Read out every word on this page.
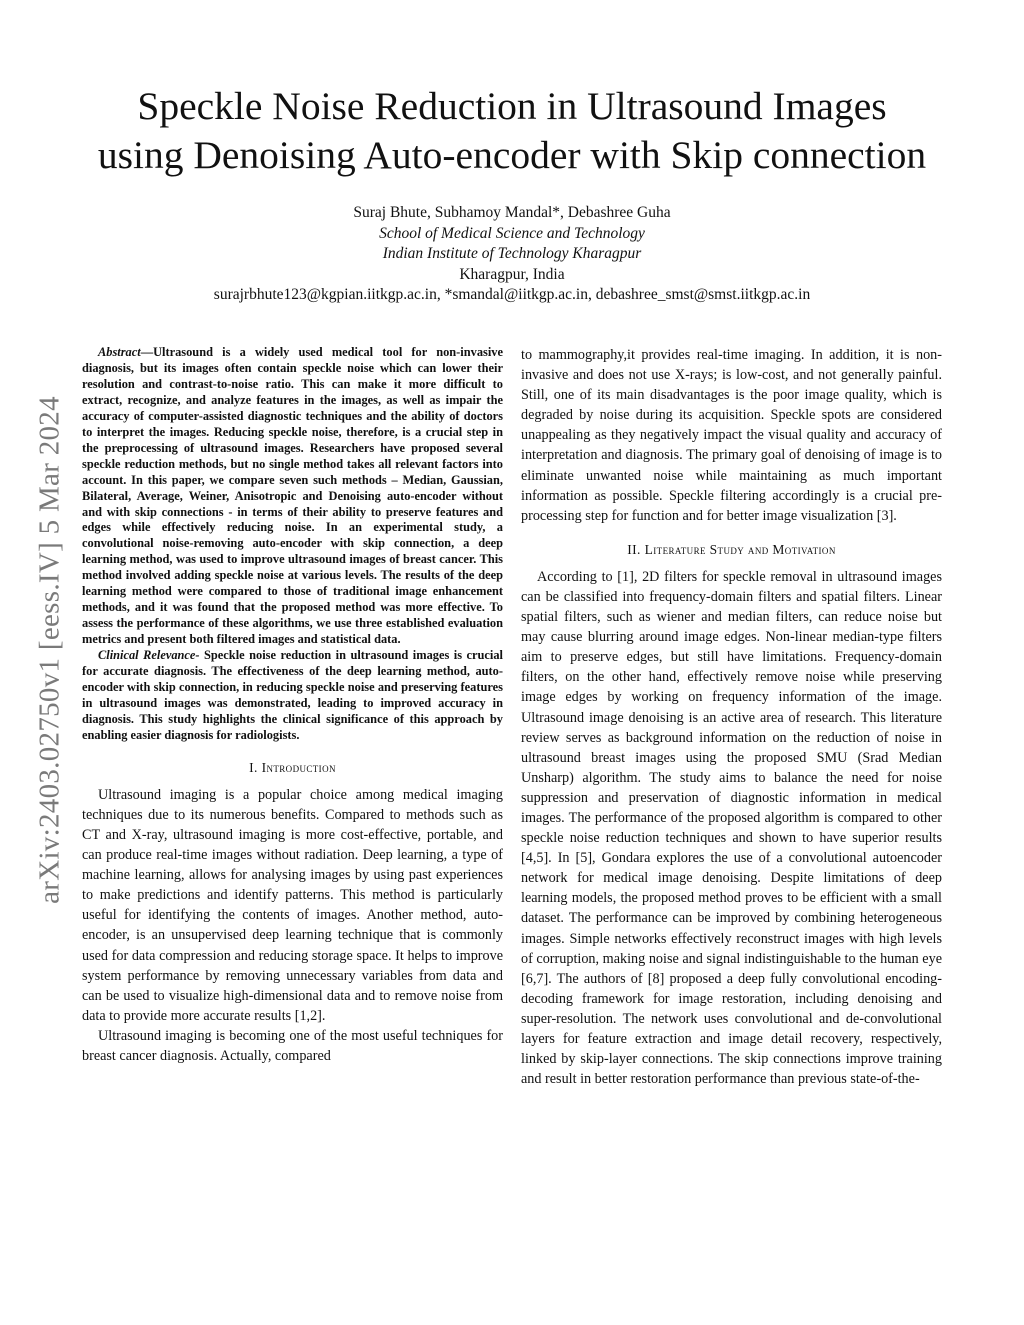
arXiv:2403.02750v1 [eess.IV] 5 Mar 2024
Speckle Noise Reduction in Ultrasound Images
using Denoising Auto-encoder with Skip connection
Suraj Bhute, Subhamoy Mandal*, Debashree Guha
School of Medical Science and Technology
Indian Institute of Technology Kharagpur
Kharagpur, India
surajrbhute123@kgpian.iitkgp.ac.in, *smandal@iitkgp.ac.in, debashree_smst@smst.iitkgp.ac.in

Abstract—Ultrasound is a widely used medical tool for non-invasive diagnosis, but its images often contain speckle noise which can lower their resolution and contrast-to-noise ratio. This can make it more difficult to extract, recognize, and analyze features in the images, as well as impair the accuracy of computer-assisted diagnostic techniques and the ability of doctors to interpret the images. Reducing speckle noise, therefore, is a crucial step in the preprocessing of ultrasound images. Researchers have proposed several speckle reduction methods, but no single method takes all relevant factors into account. In this paper, we compare seven such methods – Median, Gaussian, Bilateral, Average, Weiner, Anisotropic and Denoising auto-encoder without and with skip connections - in terms of their ability to preserve features and edges while effectively reducing noise. In an experimental study, a convolutional noise-removing auto-encoder with skip connection, a deep learning method, was used to improve ultrasound images of breast cancer. This method involved adding speckle noise at various levels. The results of the deep learning method were compared to those of traditional image enhancement methods, and it was found that the proposed method was more effective. To assess the performance of these algorithms, we use three established evaluation metrics and present both filtered images and statistical data.

Clinical Relevance- Speckle noise reduction in ultrasound images is crucial for accurate diagnosis. The effectiveness of the deep learning method, auto-encoder with skip connection, in reducing speckle noise and preserving features in ultrasound images was demonstrated, leading to improved accuracy in diagnosis. This study highlights the clinical significance of this approach by enabling easier diagnosis for radiologists.

I. Introduction

Ultrasound imaging is a popular choice among medical imaging techniques due to its numerous benefits. Compared to methods such as CT and X-ray, ultrasound imaging is more cost-effective, portable, and can produce real-time images without radiation. Deep learning, a type of machine learning, allows for analysing images by using past experiences to make predictions and identify patterns. This method is particularly useful for identifying the contents of images. Another method, auto-encoder, is an unsupervised deep learning technique that is commonly used for data compression and reducing storage space. It helps to improve system performance by removing unnecessary variables from data and can be used to visualize high-dimensional data and to remove noise from data to provide more accurate results [1,2].

Ultrasound imaging is becoming one of the most useful techniques for breast cancer diagnosis. Actually, compared

to mammography,it provides real-time imaging. In addition, it is non-invasive and does not use X-rays; is low-cost, and not generally painful. Still, one of its main disadvantages is the poor image quality, which is degraded by noise during its acquisition. Speckle spots are considered unappealing as they negatively impact the visual quality and accuracy of interpretation and diagnosis. The primary goal of denoising of image is to eliminate unwanted noise while maintaining as much important information as possible. Speckle filtering accordingly is a crucial pre-processing step for function and for better image visualization [3].

II. Literature Study and Motivation

According to [1], 2D filters for speckle removal in ultrasound images can be classified into frequency-domain filters and spatial filters. Linear spatial filters, such as wiener and median filters, can reduce noise but may cause blurring around image edges. Non-linear median-type filters aim to preserve edges, but still have limitations. Frequency-domain filters, on the other hand, effectively remove noise while preserving image edges by working on frequency information of the image. Ultrasound image denoising is an active area of research. This literature review serves as background information on the reduction of noise in ultrasound breast images using the proposed SMU (Srad Median Unsharp) algorithm. The study aims to balance the need for noise suppression and preservation of diagnostic information in medical images. The performance of the proposed algorithm is compared to other speckle noise reduction techniques and shown to have superior results [4,5]. In [5], Gondara explores the use of a convolutional autoencoder network for medical image denoising. Despite limitations of deep learning models, the proposed method proves to be efficient with a small dataset. The performance can be improved by combining heterogeneous images. Simple networks effectively reconstruct images with high levels of corruption, making noise and signal indistinguishable to the human eye [6,7]. The authors of [8] proposed a deep fully convolutional encoding-decoding framework for image restoration, including denoising and super-resolution. The network uses convolutional and de-convolutional layers for feature extraction and image detail recovery, respectively, linked by skip-layer connections. The skip connections improve training and result in better restoration performance than previous state-of-the-
